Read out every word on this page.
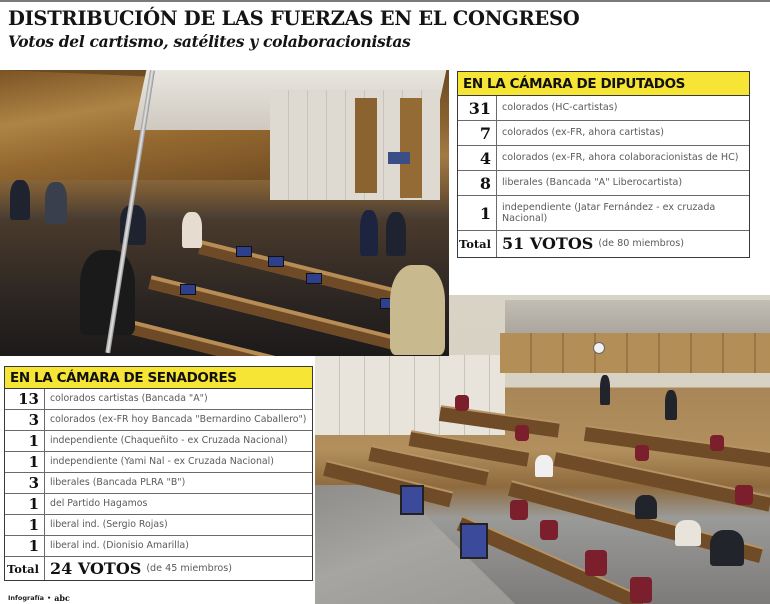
DISTRIBUCIÓN DE LAS FUERZAS EN EL CONGRESO
Votos del cartismo, satélites y colaboracionistas
EN LA CÁMARA DE DIPUTADOS
31	colorados (HC-cartistas)
7	colorados (ex-FR, ahora cartistas)
4	colorados (ex-FR, ahora colaboracionistas de HC)
8	liberales (Bancada "A" Liberocartista)
1	independiente (Jatar Fernández - ex cruzada Nacional)
Total 51 VOTOS (de 80 miembros)
EN LA CÁMARA DE SENADORES
13	colorados cartistas (Bancada "A")
3	colorados (ex-FR hoy Bancada "Bernardino Caballero")
1	independiente (Chaqueñito - ex Cruzada Nacional)
1	independiente (Yami Nal - ex Cruzada Nacional)
3	liberales (Bancada PLRA "B")
1	del Partido Hagamos
1	liberal ind. (Sergio Rojas)
1	liberal ind. (Dionisio Amarilla)
Total 24 VOTOS (de 45 miembros)
Infografía • abc
